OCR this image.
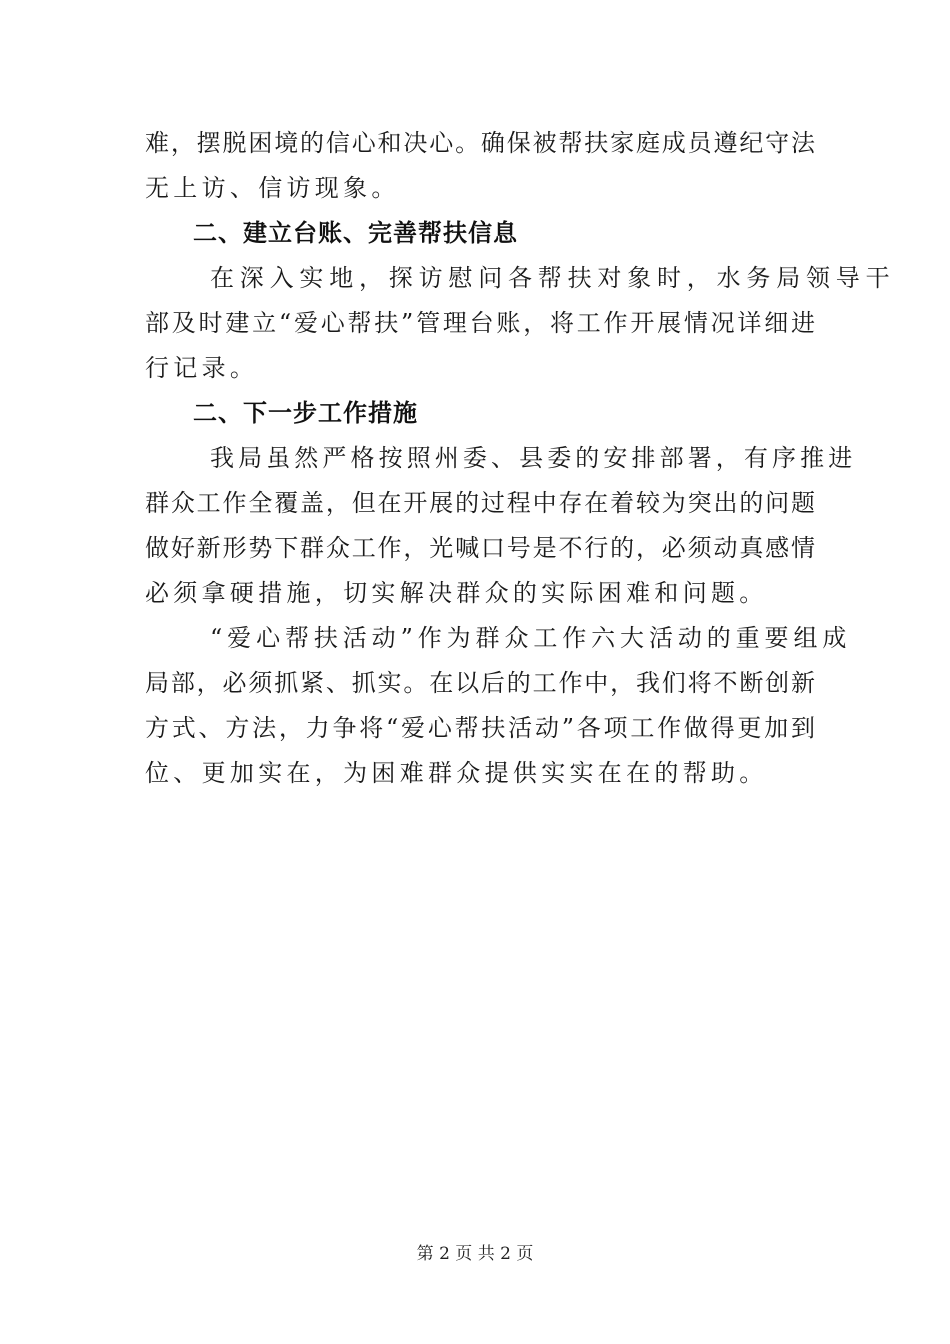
难，摆脱困境的信心和决心。确保被帮扶家庭成员遵纪守法
无上访、信访现象。
二、建立台账、完善帮扶信息
在深入实地，探访慰问各帮扶对象时，水务局领导干
部及时建立“爱心帮扶”管理台账，将工作开展情况详细进
行记录。
二、下一步工作措施
我局虽然严格按照州委、县委的安排部署，有序推进
群众工作全覆盖，但在开展的过程中存在着较为突出的问题
做好新形势下群众工作，光喊口号是不行的，必须动真感情
必须拿硬措施，切实解决群众的实际困难和问题。
“爱心帮扶活动”作为群众工作六大活动的重要组成
局部，必须抓紧、抓实。在以后的工作中，我们将不断创新
方式、方法，力争将“爱心帮扶活动”各项工作做得更加到
位、更加实在，为困难群众提供实实在在的帮助。
第 2 页 共 2 页
